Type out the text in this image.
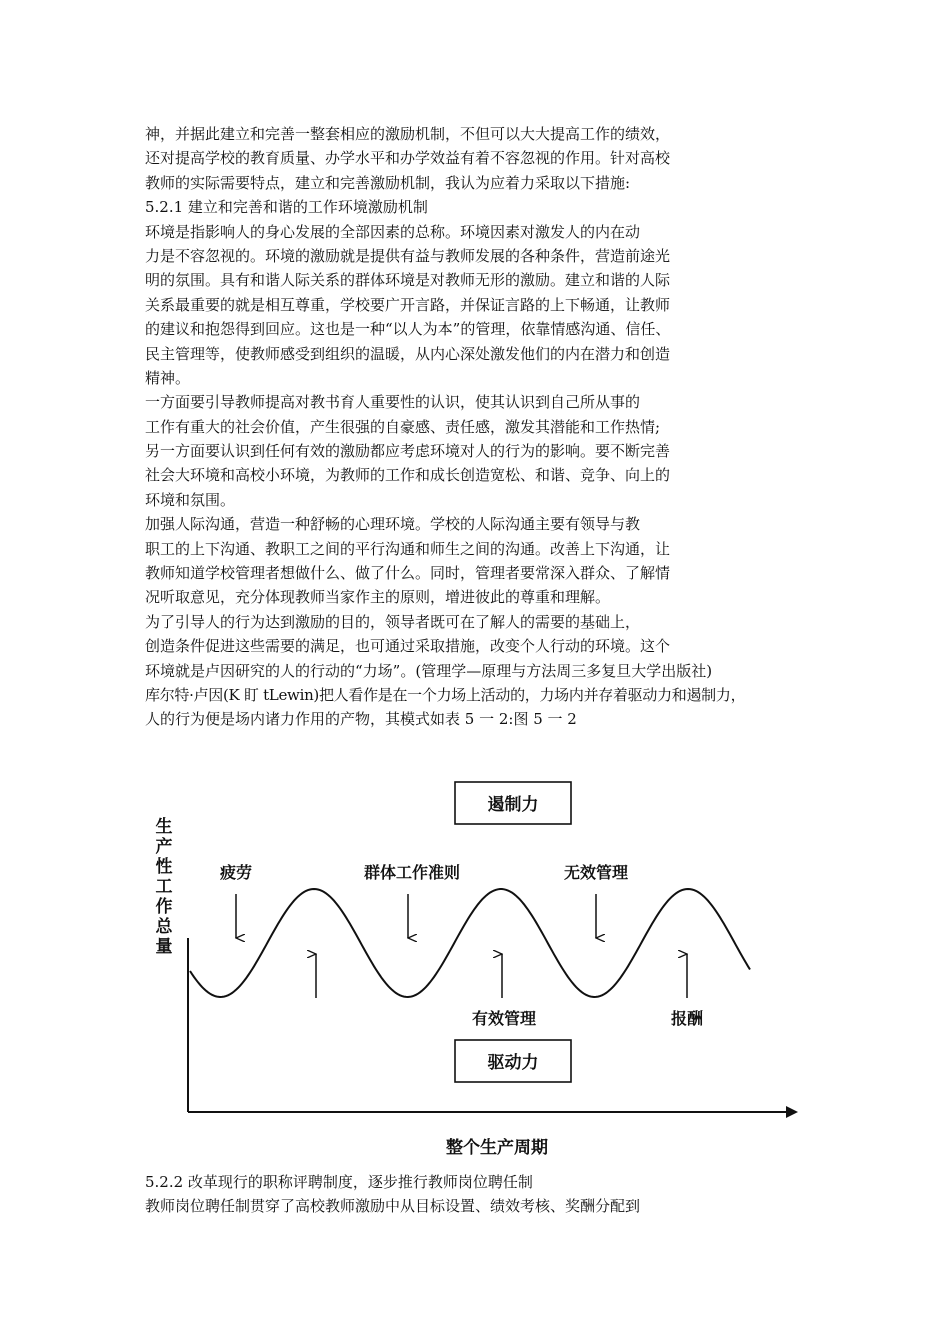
神，并据此建立和完善一整套相应的激励机制，不但可以大大提高工作的绩效，
还对提高学校的教育质量、办学水平和办学效益有着不容忽视的作用。针对高校
教师的实际需要特点，建立和完善激励机制，我认为应着力采取以下措施:
5.2.1 建立和完善和谐的工作环境激励机制
环境是指影响人的身心发展的全部因素的总称。环境因素对激发人的内在动
力是不容忽视的。环境的激励就是提供有益与教师发展的各种条件，营造前途光
明的氛围。具有和谐人际关系的群体环境是对教师无形的激励。建立和谐的人际
关系最重要的就是相互尊重，学校要广开言路，并保证言路的上下畅通，让教师
的建议和抱怨得到回应。这也是一种“以人为本”的管理，依靠情感沟通、信任、
民主管理等，使教师感受到组织的温暖，从内心深处激发他们的内在潜力和创造
精神。
一方面要引导教师提高对教书育人重要性的认识，使其认识到自己所从事的
工作有重大的社会价值，产生很强的自豪感、责任感，激发其潜能和工作热情;
另一方面要认识到任何有效的激励都应考虑环境对人的行为的影响。要不断完善
社会大环境和高校小环境，为教师的工作和成长创造宽松、和谐、竞争、向上的
环境和氛围。
加强人际沟通，营造一种舒畅的心理环境。学校的人际沟通主要有领导与教
职工的上下沟通、教职工之间的平行沟通和师生之间的沟通。改善上下沟通，让
教师知道学校管理者想做什么、做了什么。同时，管理者要常深入群众、了解情
况听取意见，充分体现教师当家作主的原则，增进彼此的尊重和理解。
为了引导人的行为达到激励的目的，领导者既可在了解人的需要的基础上，
创造条件促进这些需要的满足，也可通过采取措施，改变个人行动的环境。这个
环境就是卢因研究的人的行动的“力场”。(管理学—原理与方法周三多复旦大学出版社)
库尔特·卢因(K 盯 tLewin)把人看作是在一个力场上活动的，力场内并存着驱动力和遏制力，
人的行为便是场内诸力作用的产物，其模式如表 5 一 2:图 5 一 2
遏制力
生
产
性
工
作
总
量
疲劳	群体工作准则	无效管理
有效管理	报酬
驱动力
整个生产周期
5.2.2 改革现行的职称评聘制度，逐步推行教师岗位聘任制
教师岗位聘任制贯穿了高校教师激励中从目标设置、绩效考核、奖酬分配到
